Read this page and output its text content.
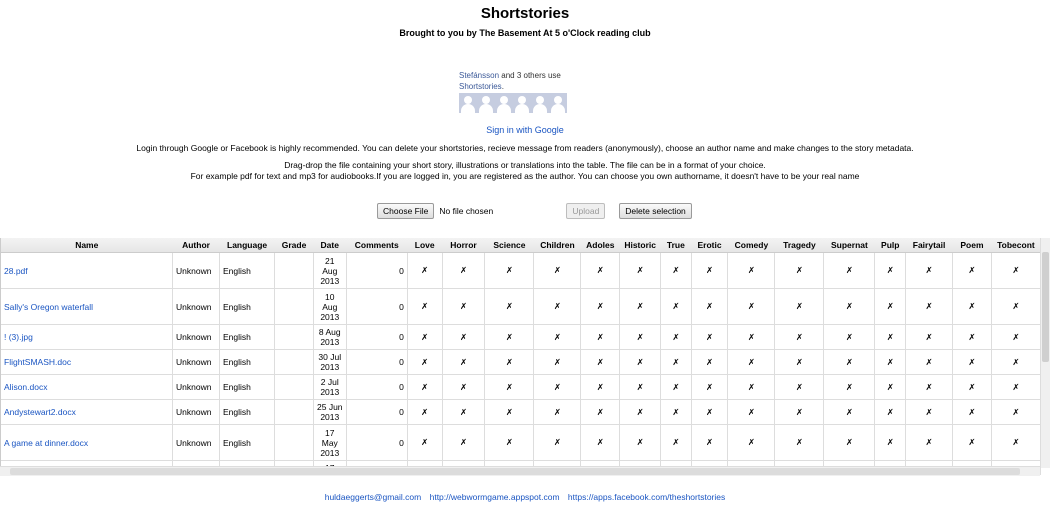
Shortstories
Brought to you by The Basement At 5 o'Clock reading club
Stefánsson and 3 others use
Shortstories.
Sign in with Google
Login through Google or Facebook is highly recommended. You can delete your shortstories, recieve message from readers (anonymously), choose an author name and make changes to the story metadata.
Drag-drop the file containing your short story, illustrations or translations into the table. The file can be in a format of your choice.
For example pdf for text and mp3 for audiobooks.If you are logged in, you are registered as the author. You can choose you own authorname, it doesn't have to be your real name
Choose File	No file chosen	Upload	Delete selection
Name	Author	Language	Grade	Date	Comments	Love	Horror	Science	Children	Adoles	Historic	True	Erotic	Comedy	Tragedy	Supernat	Pulp	Fairytail	Poem	Tobecont
28.pdf	Unknown	English		21
Aug
2013	0	✗	✗	✗	✗	✗	✗	✗	✗	✗	✗	✗	✗	✗	✗	✗
Sally's Oregon waterfall	Unknown	English		10
Aug
2013	0	✗	✗	✗	✗	✗	✗	✗	✗	✗	✗	✗	✗	✗	✗	✗
! (3).jpg	Unknown	English		8 Aug
2013	0	✗	✗	✗	✗	✗	✗	✗	✗	✗	✗	✗	✗	✗	✗	✗
FlightSMASH.doc	Unknown	English		30 Jul
2013	0	✗	✗	✗	✗	✗	✗	✗	✗	✗	✗	✗	✗	✗	✗	✗
Alison.docx	Unknown	English		2 Jul
2013	0	✗	✗	✗	✗	✗	✗	✗	✗	✗	✗	✗	✗	✗	✗	✗
Andystewart2.docx	Unknown	English		25 Jun
2013	0	✗	✗	✗	✗	✗	✗	✗	✗	✗	✗	✗	✗	✗	✗	✗
A game at dinner.docx	Unknown	English		17
May
2013	0	✗	✗	✗	✗	✗	✗	✗	✗	✗	✗	✗	✗	✗	✗	✗

huldaeggerts@gmail.com http://webwormgame.appspot.com https://apps.facebook.com/theshortstories
